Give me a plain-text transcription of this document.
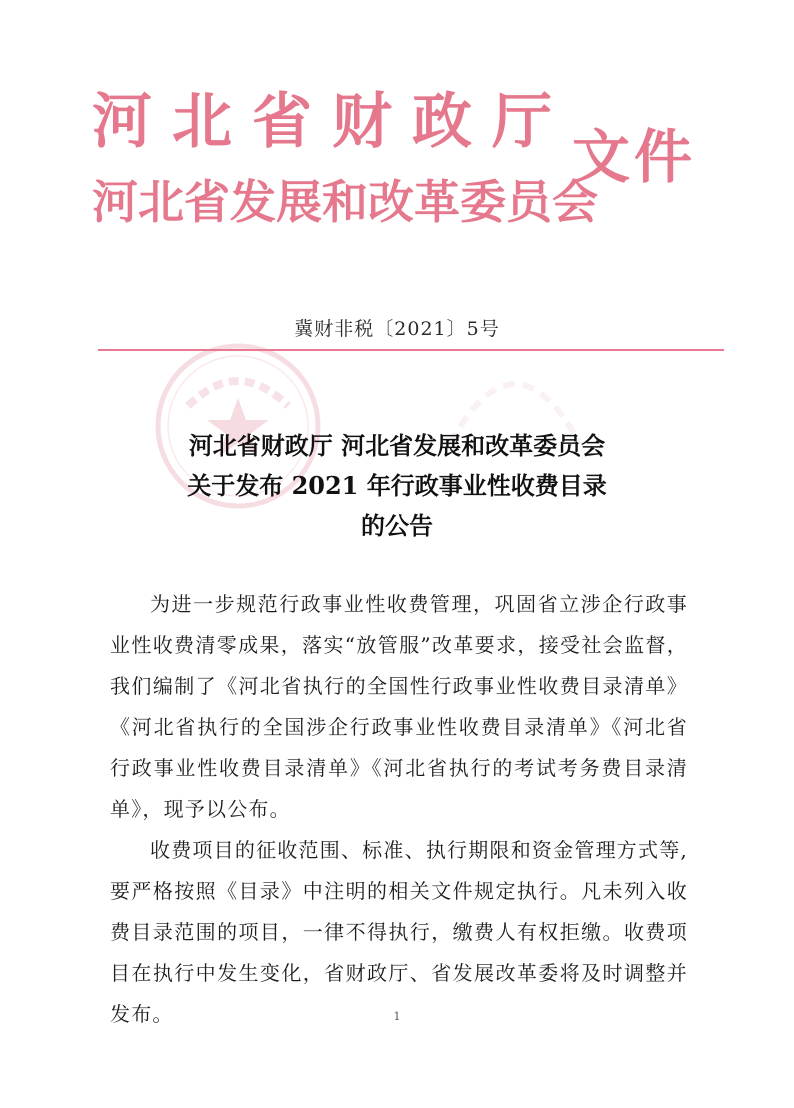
河北省财政厅
河北省发展和改革委员会
文件
冀财非税〔2021〕5号
河北省财政厅 河北省发展和改革委员会
关于发布 2021 年行政事业性收费目录
的公告

为进一步规范行政事业性收费管理，巩固省立涉企行政事业性收费清零成果，落实“放管服”改革要求，接受社会监督，我们编制了《河北省执行的全国性行政事业性收费目录清单》《河北省执行的全国涉企行政事业性收费目录清单》《河北省行政事业性收费目录清单》《河北省执行的考试考务费目录清单》，现予以公布。

收费项目的征收范围、标准、执行期限和资金管理方式等,要严格按照《目录》中注明的相关文件规定执行。凡未列入收费目录范围的项目，一律不得执行，缴费人有权拒缴。收费项目在执行中发生变化，省财政厅、省发展改革委将及时调整并发布。	1
